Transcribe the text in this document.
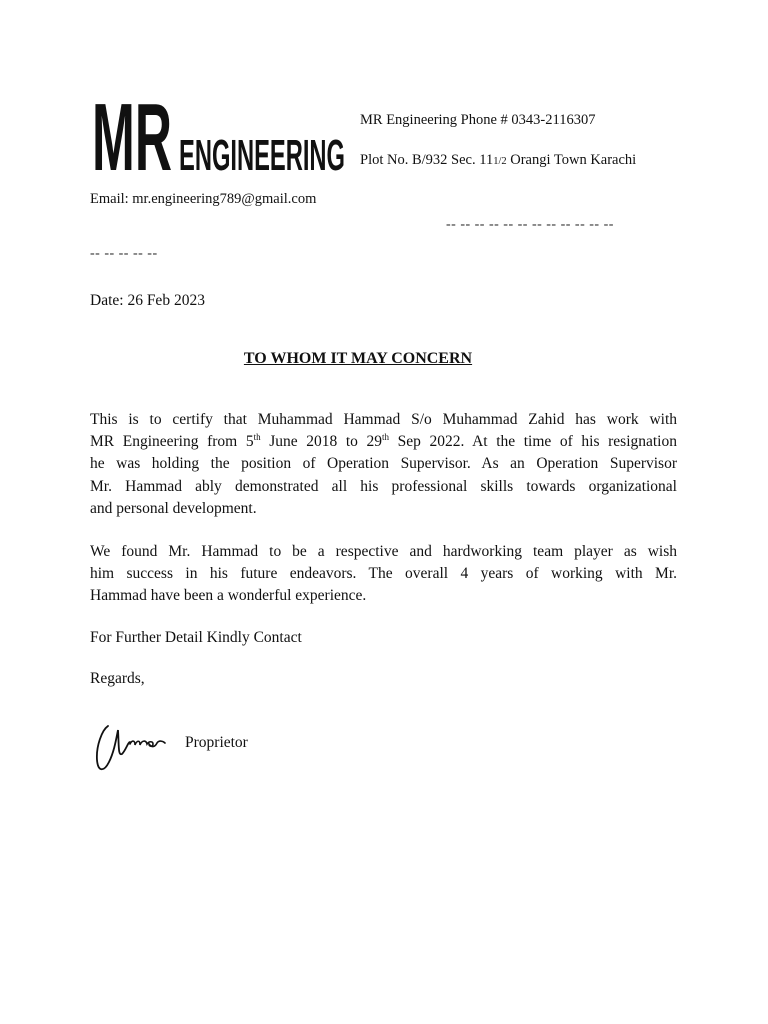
MR ENGINEERING
MR Engineering Phone # 0343-2116307
Plot No. B/932 Sec. 111/2 Orangi Town Karachi
Email: mr.engineering789@gmail.com
-- -- -- -- -- -- -- -- -- -- -- --
-- -- -- -- --
Date: 26 Feb 2023
TO WHOM IT MAY CONCERN
This is to certify that Muhammad Hammad S/o Muhammad Zahid has work with
MR Engineering from 5th June 2018 to 29th Sep 2022. At the time of his resignation
he was holding the position of Operation Supervisor. As an Operation Supervisor
Mr. Hammad ably demonstrated all his professional skills towards organizational
and personal development.
We found Mr. Hammad to be a respective and hardworking team player as wish
him success in his future endeavors. The overall 4 years of working with Mr.
Hammad have been a wonderful experience.
For Further Detail Kindly Contact
Regards,
Proprietor
